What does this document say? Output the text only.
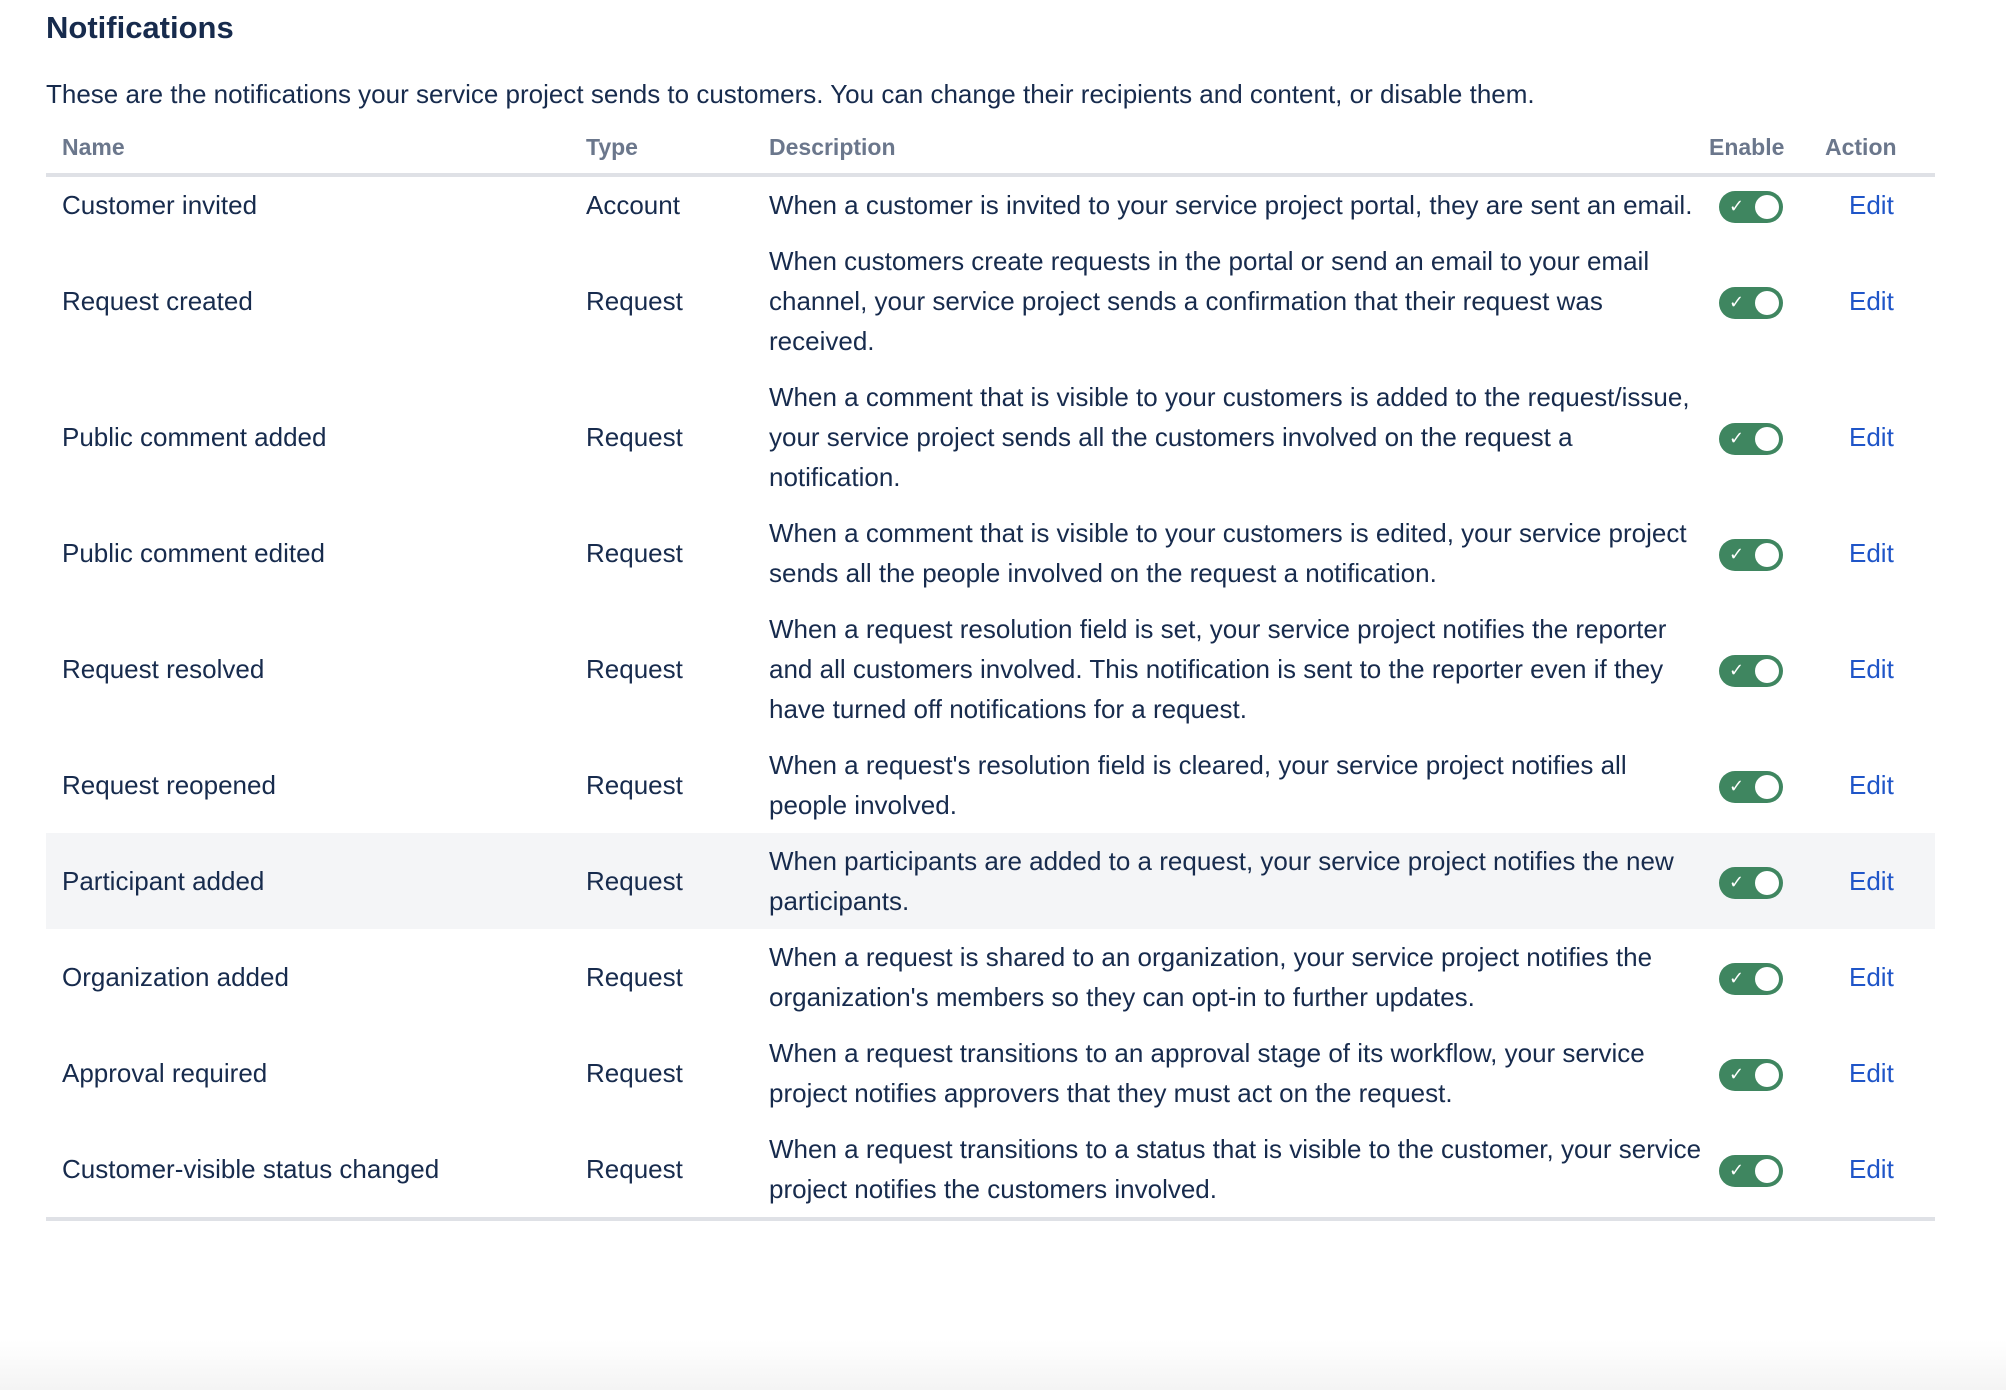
Notifications

These are the notifications your service project sends to customers. You can change their recipients and content, or disable them.

Name	Type	Description	Enable	Action
Customer invited	Account	When a customer is invited to your service project portal, they are sent an email.	✓	Edit
Request created	Request	When customers create requests in the portal or send an email to your email channel, your service project sends a confirmation that their request was received.	✓	Edit
Public comment added	Request	When a comment that is visible to your customers is added to the request/issue, your service project sends all the customers involved on the request a notification.	✓	Edit
Public comment edited	Request	When a comment that is visible to your customers is edited, your service project sends all the people involved on the request a notification.	✓	Edit
Request resolved	Request	When a request resolution field is set, your service project notifies the reporter and all customers involved. This notification is sent to the reporter even if they have turned off notifications for a request.	✓	Edit
Request reopened	Request	When a request's resolution field is cleared, your service project notifies all people involved.	✓	Edit
Participant added	Request	When participants are added to a request, your service project notifies the new participants.	✓	Edit
Organization added	Request	When a request is shared to an organization, your service project notifies the organization's members so they can opt-in to further updates.	✓	Edit
Approval required	Request	When a request transitions to an approval stage of its workflow, your service project notifies approvers that they must act on the request.	✓	Edit
Customer-visible status changed	Request	When a request transitions to a status that is visible to the customer, your service project notifies the customers involved.	✓	Edit
